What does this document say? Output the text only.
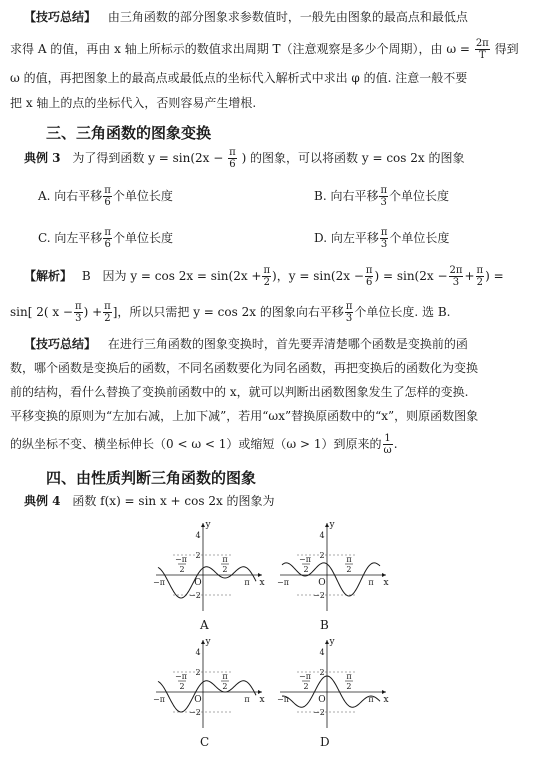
【技巧总结】 由三角函数的部分图象求参数值时，一般先由图象的最高点和最低点
求得 A 的值，再由 x 轴上所标示的数值求出周期 T（注意观察是多少个周期），由 $\omega = \frac{2\pi}{T}$ 得到
ω 的值，再把图象上的最高点或最低点的坐标代入解析式中求出 φ 的值. 注意一般不要
把 x 轴上的点的坐标代入，否则容易产生增根.
三、三角函数的图象变换
典例 3 为了得到函数 $y = \sin(2x - \frac{\pi}{6}$ ) 的图象，可以将函数 y = cos 2x 的图象
A. 向右平移 $\frac{\pi}{6}$ 个单位长度	B. 向右平移 $\frac{\pi}{3}$ 个单位长度
C. 向左平移 $\frac{\pi}{6}$ 个单位长度	D. 向左平移 $\frac{\pi}{3}$ 个单位长度
【解析】 B 因为 $y = \cos 2x = \sin(2x + \frac{\pi}{2}$ )，$y = \sin(2x - \frac{\pi}{6}$ ) = $\sin(2x - \frac{2\pi}{3} + \frac{\pi}{2}$ ) =
sin[ 2( $x - \frac{\pi}{3}$ ) + $\frac{\pi}{2}$ ]，所以只需把 y = cos 2x 的图象向右平移 $\frac{\pi}{3}$ 个单位长度. 选 B.
【技巧总结】 在进行三角函数的图象变换时，首先要弄清楚哪个函数是变换前的函
数，哪个函数是变换后的函数，不同名函数要化为同名函数，再把变换后的函数化为变换
前的结构，看什么替换了变换前函数中的 x，就可以判断出函数图象发生了怎样的变换.
平移变换的原则为“左加右减，上加下减”，若用“ωx”替换原函数中的“x”，则原函数图象
的纵坐标不变、横坐标伸长（0 < ω < 1）或缩短（ω > 1）到原来的 $\frac{1}{\omega}$ .
四、由性质判断三角函数的图象
典例 4 函数 f(x) = sin x + cos 2x 的图象为
y
x
O
4
2
−2
π
−π
π
2
−π
2
y
x
O
4
2
−2
π
−π
π
2
−π
2
y
x
O
4
2
−2
π
−π
π
2
−π
2
y
x
O
4
2
−2
π
−π
π
2
−π
2
A	B
C	D
